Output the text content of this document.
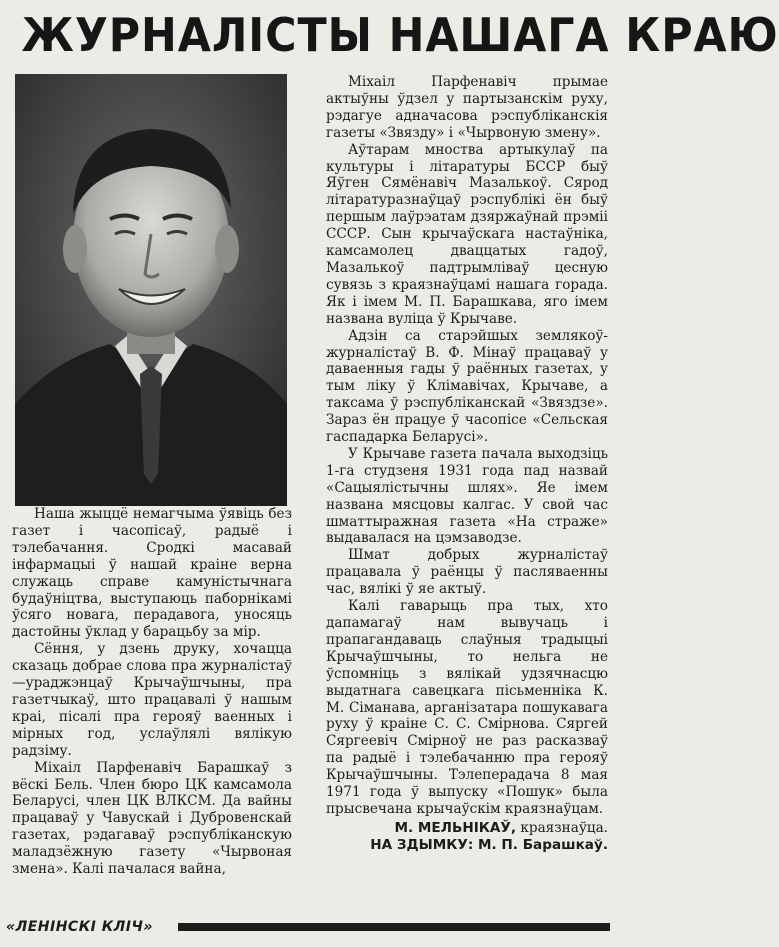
ЖУРНАЛІСТЫ НАШАГА КРАЮ

Наша жыццё немагчыма ўявіць без газет і часопісаў, радыё і тэлебачання. Сродкі масавай інфармацыі ў нашай краіне верна служаць справе камуністычнага будаўніцтва, выступаюць паборнікамі ўсяго новага, перадавога, уносяць дастойны ўклад у барацьбу за мір.

Сёння, у дзень друку, хочацца сказаць добрае слова пра журналістаў —ураджэнцаў Крычаўшчыны, пра газетчыкаў, што працавалі ў нашым краі, пісалі пра герояў ваенных і мірных год, услаўлялі вялікую радзіму.

Міхаіл Парфенавіч Барашкаў з вёскі Бель. Член бюро ЦК камсамола Беларусі, член ЦК ВЛКСМ. Да вайны працаваў у Чавускай і Дубровенскай газетах, рэдагаваў рэспубліканскую маладзёжную газету «Чырвоная змена». Калі пачалася вайна,

Міхаіл Парфенавіч прымае актыўны ўдзел у партызанскім руху, рэдагуе адначасова рэспубліканскія газеты «Звязду» і «Чырвоную змену».

Аўтарам мноства артыкулаў па культуры і літаратуры БССР быў Яўген Сямёнавіч Мазалькоў. Сярод літаратуразнаўцаў рэспублікі ён быў першым лаўрэатам дзяржаўнай прэміі СССР. Сын крычаўскага настаўніка, камсамолец дваццатых гадоў, Мазалькоў падтрымліваў цесную сувязь з краязнаўцамі нашага горада. Як і імем М. П. Барашкава, яго імем названа вуліца ў Крычаве.

Адзін са старэйшых землякоў-журналістаў В. Ф. Мінаў працаваў у даваенныя гады ў раённых газетах, у тым ліку ў Клімавічах, Крычаве, а таксама ў рэспубліканскай «Звяздзе». Зараз ён працуе ў часопісе «Сельская гаспадарка Беларусі».

У Крычаве газета пачала выходзіць 1-га студзеня 1931 года пад назвай «Сацыялістычны шлях». Яе імем названа мясцовы калгас. У свой час шматтыражная газета «На страже» выдавалася на цэмзаводзе.

Шмат добрых журналістаў працавала ў раёнцы ў пасляваенны час, вялікі ў яе актыў.

Калі гаварыць пра тых, хто дапамагаў нам вывучаць і прапагандаваць слаўныя традыцыі Крычаўшчыны, то нельга не ўспомніць з вялікай удзячнасцю выдатнага савецкага пісьменніка К. М. Сіманава, арганізатара пошукавага руху ў краіне С. С. Смірнова. Сяргей Сяргеевіч Смірноў не раз расказваў па радыё і тэлебачанню пра герояў Крычаўшчыны. Тэлеперадача 8 мая 1971 года ў выпуску «Пошук» была прысвечана крычаўскім краязнаўцам.

М. МЕЛЬНІКАЎ, краязнаўца.
НА ЗДЫМКУ: М. П. Барашкаў.
«ЛЕНІНСКІ КЛІЧ»
